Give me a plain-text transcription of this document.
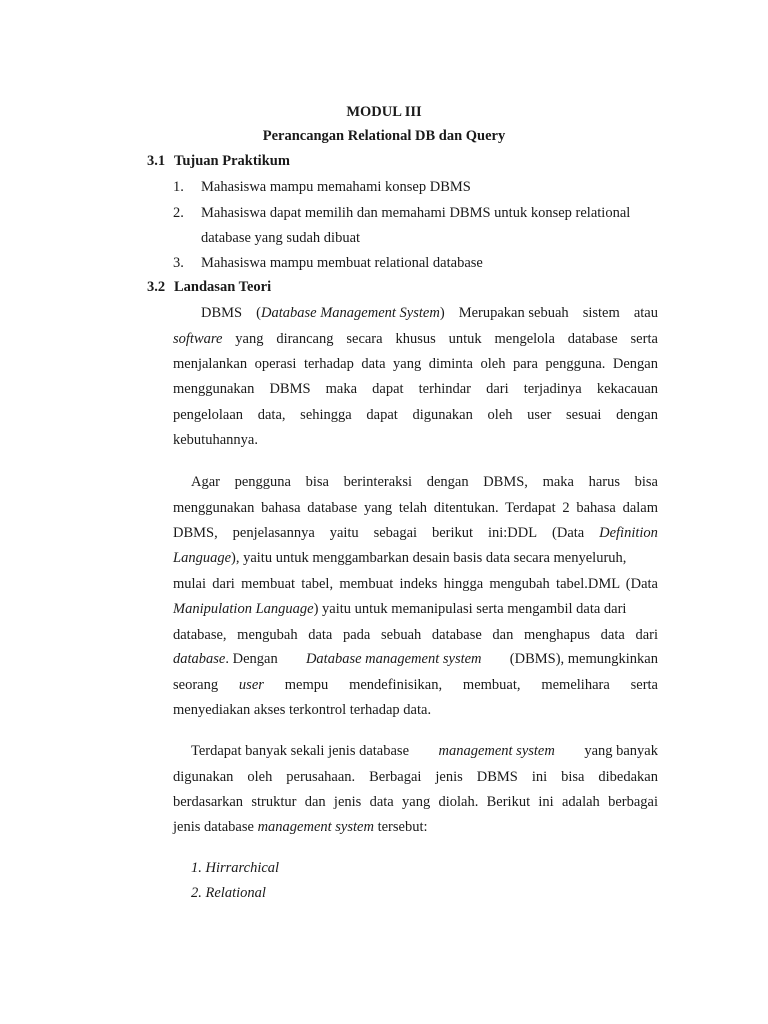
MODUL III
Perancangan Relational DB dan Query
3.1 Tujuan Praktikum
1. Mahasiswa mampu memahami konsep DBMS
2. Mahasiswa dapat memilih dan memahami DBMS untuk konsep relational
database yang sudah dibuat
3. Mahasiswa mampu membuat relational database
3.2 Landasan Teori
DBMS (Database Management System) Merupakan sebuah sistem atau
software yang dirancang secara khusus untuk mengelola database serta
menjalankan operasi terhadap data yang diminta oleh para pengguna. Dengan
menggunakan DBMS maka dapat terhindar dari terjadinya kekacauan
pengelolaan data, sehingga dapat digunakan oleh user sesuai dengan
kebutuhannya.
Agar pengguna bisa berinteraksi dengan DBMS, maka harus bisa
menggunakan bahasa database yang telah ditentukan. Terdapat 2 bahasa dalam
DBMS, penjelasannya yaitu sebagai berikut ini:DDL (Data Definition
Language), yaitu untuk menggambarkan desain basis data secara menyeluruh,
mulai dari membuat tabel, membuat indeks hingga mengubah tabel.DML (Data
Manipulation Language) yaitu untuk memanipulasi serta mengambil data dari
database, mengubah data pada sebuah database dan menghapus data dari
database. Dengan Database management system (DBMS), memungkinkan
seorang user mempu mendefinisikan, membuat, memelihara serta
menyediakan akses terkontrol terhadap data.
Terdapat banyak sekali jenis database management system yang banyak
digunakan oleh perusahaan. Berbagai jenis DBMS ini bisa dibedakan
berdasarkan struktur dan jenis data yang diolah. Berikut ini adalah berbagai
jenis database management system tersebut:
1. Hirrarchical
2. Relational
